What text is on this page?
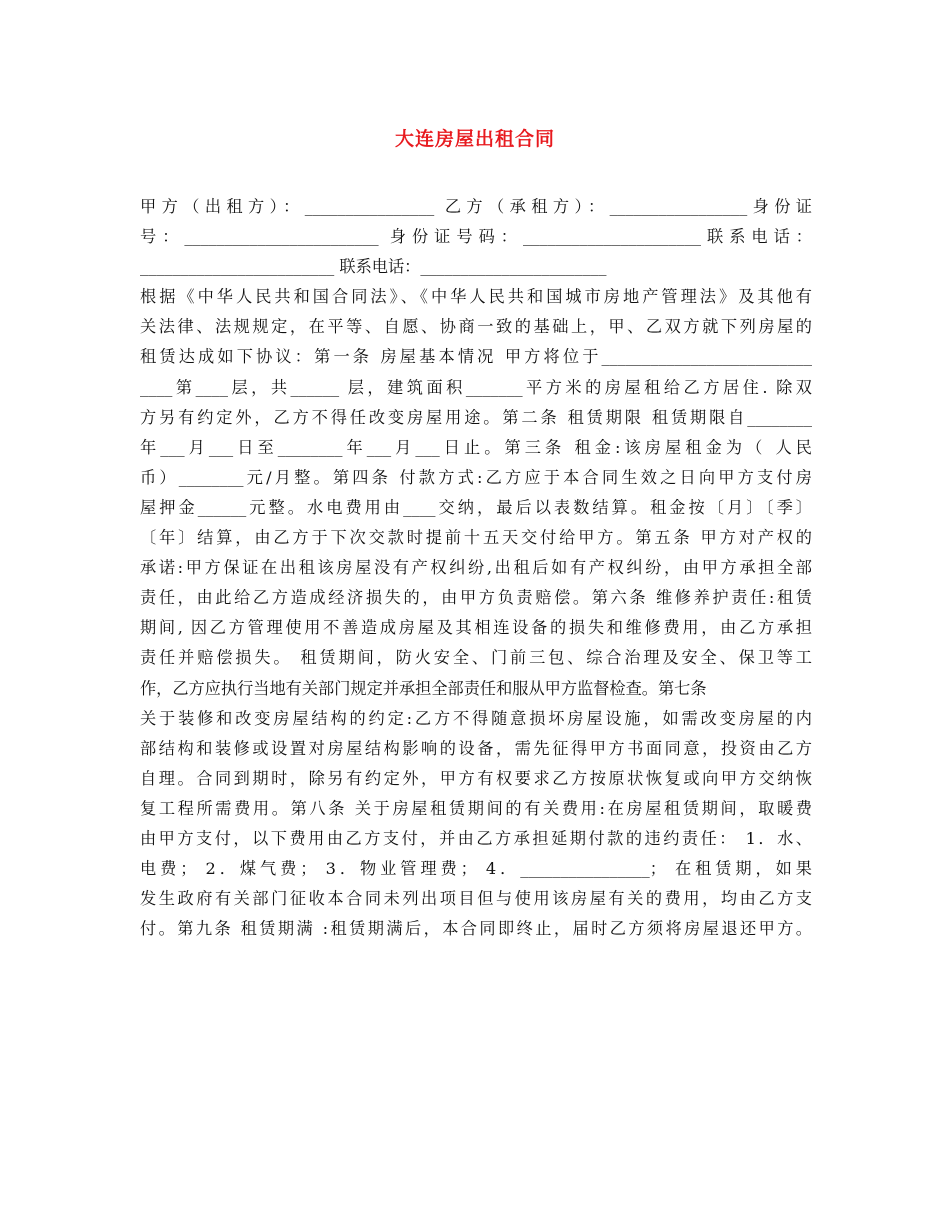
大连房屋出租合同
甲方（出租方）：________________ 乙方（承租方）：_________________身份证
号：________________________ 身份证号码：______________________联系电话：
________________________ 联系电话：_______________________
根据《中华人民共和国合同法》、《中华人民共和国城市房地产管理法》及其他有
关法律、法规规定，在平等、自愿、协商一致的基础上，甲、乙双方就下列房屋的
租赁达成如下协议：第一条 房屋基本情况 甲方将位于__________________________
____第____层，共______ 层，建筑面积_______平方米的房屋租给乙方居住. 除双
方另有约定外，乙方不得任改变房屋用途。第二条 租赁期限 租赁期限自________
年___月___日至________年___月___日止。第三条 租金:该房屋租金为（ 人民
币）________元/月整。第四条 付款方式:乙方应于本合同生效之日向甲方支付房
屋押金______元整。水电费用由____交纳，最后以表数结算。租金按〔月〕〔季〕
〔年〕结算，由乙方于下次交款时提前十五天交付给甲方。第五条 甲方对产权的
承诺:甲方保证在出租该房屋没有产权纠纷,出租后如有产权纠纷，由甲方承担全部
责任，由此给乙方造成经济损失的，由甲方负责赔偿。第六条 维修养护责任:租赁
期间, 因乙方管理使用不善造成房屋及其相连设备的损失和维修费用，由乙方承担
责任并赔偿损失。 租赁期间，防火安全、门前三包、综合治理及安全、保卫等工
作，乙方应执行当地有关部门规定并承担全部责任和服从甲方监督检查。第七条
关于装修和改变房屋结构的约定:乙方不得随意损坏房屋设施，如需改变房屋的内
部结构和装修或设置对房屋结构影响的设备，需先征得甲方书面同意，投资由乙方
自理。合同到期时，除另有约定外，甲方有权要求乙方按原状恢复或向甲方交纳恢
复工程所需费用。第八条 关于房屋租赁期间的有关费用:在房屋租赁期间，取暖费
由甲方支付，以下费用由乙方支付，并由乙方承担延期付款的违约责任： 1．水、
电费； 2．煤气费； 3．物业管理费； 4．________________； 在租赁期，如果
发生政府有关部门征收本合同未列出项目但与使用该房屋有关的费用，均由乙方支
付。第九条 租赁期满 :租赁期满后，本合同即终止，届时乙方须将房屋退还甲方。
